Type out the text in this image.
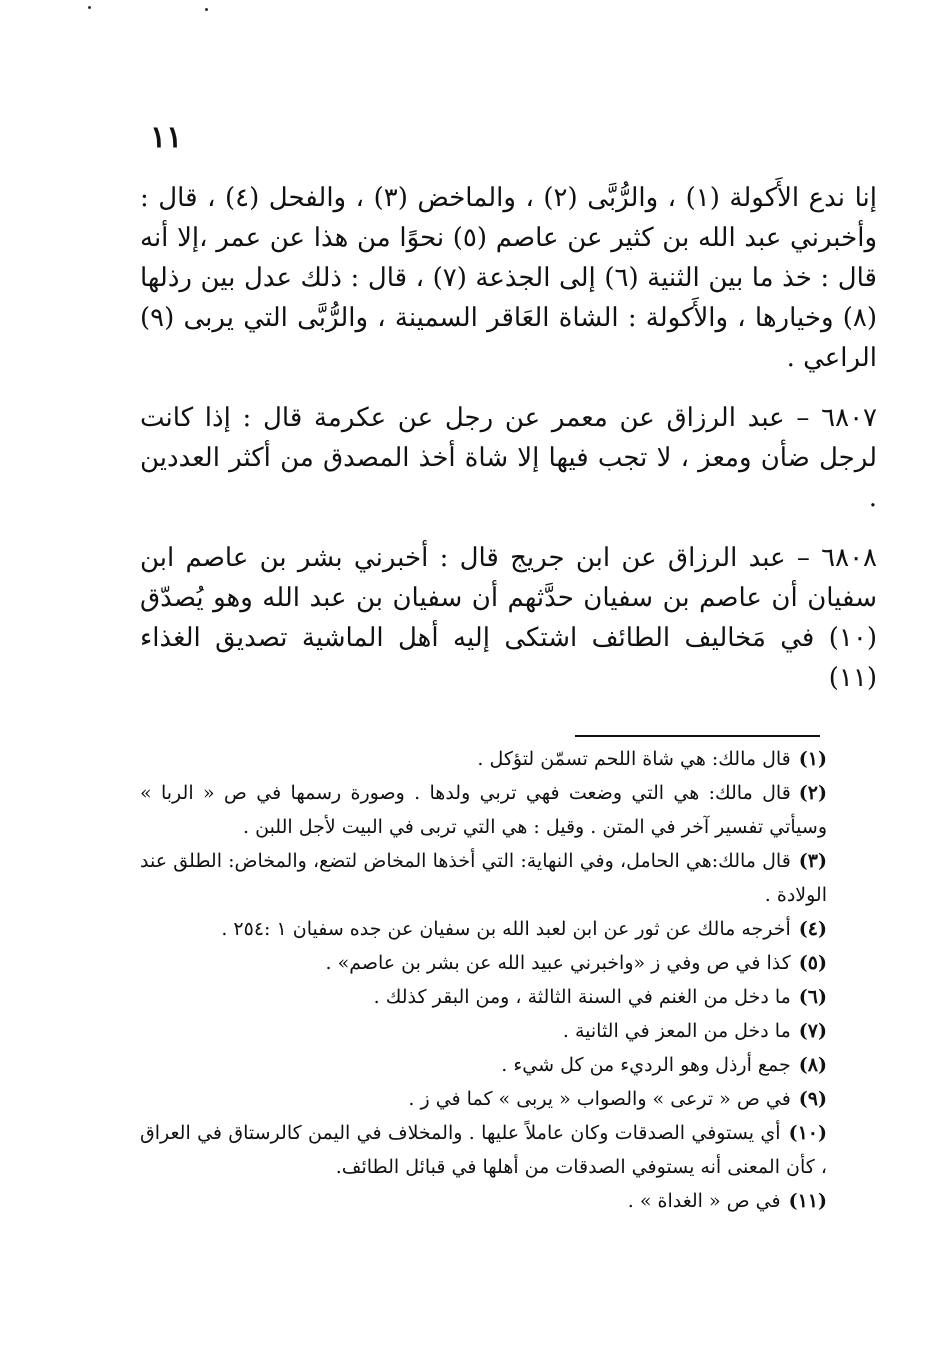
١١

إنا ندع الأَكولة (١) ، والرُّبَّى (٢) ، والماخض (٣) ، والفحل (٤) ، قال : وأخبرني عبد الله بن كثير عن عاصم (٥) نحوًا من هذا عن عمر ،إلا أنه قال : خذ ما بين الثنية (٦) إلى الجذعة (٧) ، قال : ذلك عدل بين رذلها (٨) وخيارها ، والأَكولة : الشاة العَاقر السمينة ، والرُّبَّى التي يربى (٩) الراعي .

٦٨٠٧ – عبد الرزاق عن معمر عن رجل عن عكرمة قال : إذا كانت لرجل ضأن ومعز ، لا تجب فيها إلا شاة أخذ المصدق من أكثر العددين .

٦٨٠٨ – عبد الرزاق عن ابن جريج قال : أخبرني بشر بن عاصم ابن سفيان أن عاصم بن سفيان حدَّثهم أن سفيان بن عبد الله وهو يُصدّق (١٠) في مَخاليف الطائف اشتكى إليه أهل الماشية تصديق الغذاء (١١)

(١)قال مالك: هي شاة اللحم تسمّن لتؤكل .

(٢)قال مالك: هي التي وضعت فهي تربي ولدها . وصورة رسمها في ص « الربا » وسيأتي تفسير آخر في المتن . وقيل : هي التي تربى في البيت لأجل اللبن .

(٣)قال مالك:هي الحامل، وفي النهاية: التي أخذها المخاض لتضع، والمخاض: الطلق عند الولادة .

(٤)أخرجه مالك عن ثور عن ابن لعبد الله بن سفيان عن جده سفيان ١ :٢٥٤ .

(٥)كذا في ص وفي ز «واخبرني عبيد الله عن بشر بن عاصم» .

(٦)ما دخل من الغنم في السنة الثالثة ، ومن البقر كذلك .

(٧)ما دخل من المعز في الثانية .

(٨)جمع أرذل وهو الرديء من كل شيء .

(٩)في ص « ترعى » والصواب « يربى » كما في ز .

(١٠)أي يستوفي الصدقات وكان عاملاً عليها . والمخلاف في اليمن كالرستاق في العراق ، كأن المعنى أنه يستوفي الصدقات من أهلها في قبائل الطائف.

(١١)في ص « الغداة » .
